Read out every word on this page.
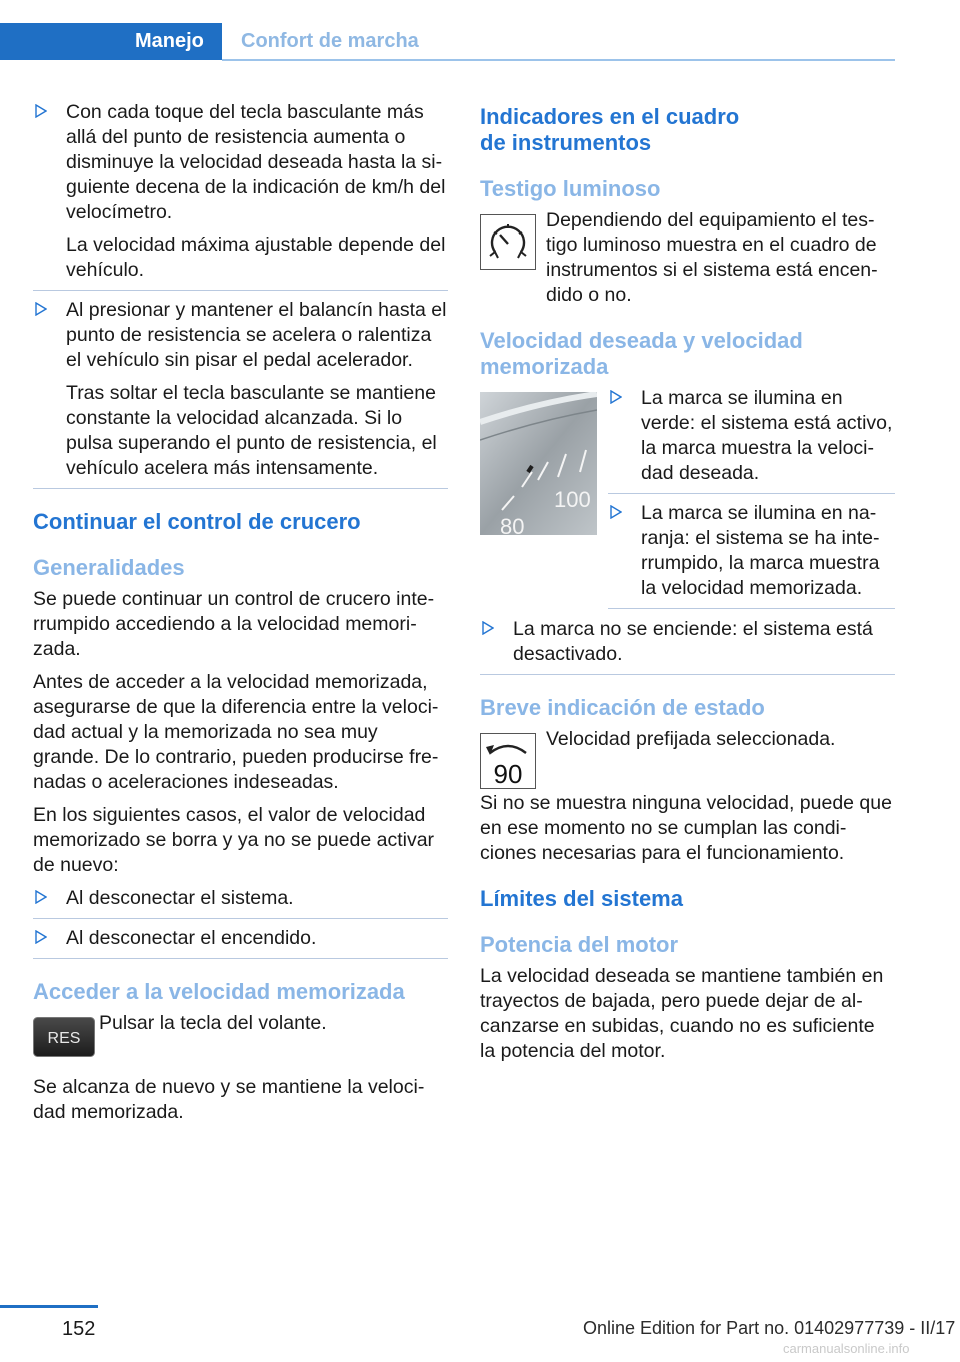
Manejo	Confort de marcha
Con cada toque del tecla basculante más allá del punto de resistencia aumenta o disminuye la velocidad deseada hasta la siguiente decena de la indicación de km/h del velocímetro.
La velocidad máxima ajustable depende del vehículo.
Al presionar y mantener el balancín hasta el punto de resistencia se acelera o ralentiza el vehículo sin pisar el pedal acelerador.
Tras soltar el tecla basculante se mantiene constante la velocidad alcanzada. Si lo pulsa superando el punto de resistencia, el vehículo acelera más intensamente.
Continuar el control de crucero
Generalidades

Se puede continuar un control de crucero interrumpido accediendo a la velocidad memorizada.

Antes de acceder a la velocidad memorizada, asegurarse de que la diferencia entre la velocidad actual y la memorizada no sea muy grande. De lo contrario, pueden producirse frenadas o aceleraciones indeseadas.

En los siguientes casos, el valor de velocidad memorizado se borra y ya no se puede activar de nuevo:

Al desconectar el sistema.
Al desconectar el encendido.
Acceder a la velocidad memorizada
RES
Pulsar la tecla del volante.

Se alcanza de nuevo y se mantiene la velocidad memorizada.

Indicadores en el cuadro de instrumentos
Testigo luminoso
Dependiendo del equipamiento el testigo luminoso muestra en el cuadro de instrumentos si el sistema está encendido o no.
Velocidad deseada y velocidad memorizada
100
80
La marca se ilumina en verde: el sistema está activo, la marca muestra la velocidad deseada.
La marca se ilumina en naranja: el sistema se ha interrumpido, la marca muestra la velocidad memorizada.
La marca no se enciende: el sistema está desactivado.
Breve indicación de estado
90
Velocidad prefijada seleccionada.

Si no se muestra ninguna velocidad, puede que en ese momento no se cumplan las condiciones necesarias para el funcionamiento.

Límites del sistema
Potencia del motor

La velocidad deseada se mantiene también en trayectos de bajada, pero puede dejar de alcanzarse en subidas, cuando no es suficiente la potencia del motor.

152	Online Edition for Part no. 01402977739 - II/17
carmanualsonline.info
